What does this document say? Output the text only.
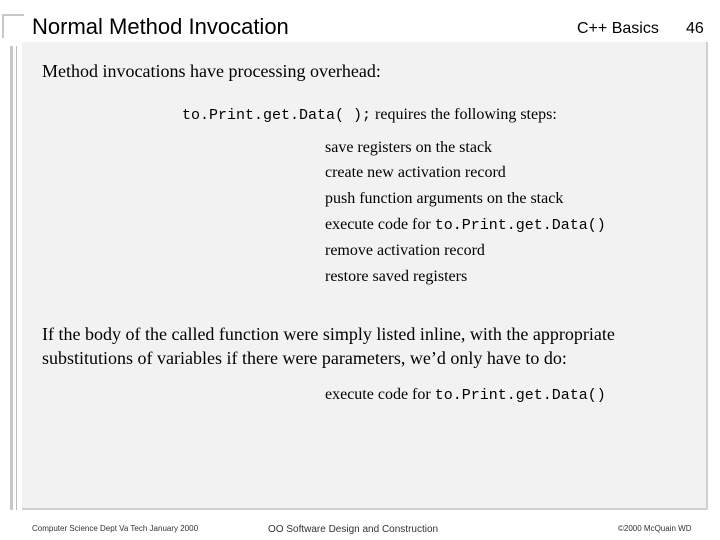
Normal Method Invocation	C++ Basics 46
Method invocations have processing overhead:
to.Print.get.Data( ); requires the following steps:
save registers on the stack
create new activation record
push function arguments on the stack
execute code for to.Print.get.Data()
remove activation record
restore saved registers
If the body of the called function were simply listed inline, with the appropriate
substitutions of variables if there were parameters, we’d only have to do:
execute code for to.Print.get.Data()
Computer Science Dept Va Tech January 2000	OO Software Design and Construction	©2000 McQuain WD
